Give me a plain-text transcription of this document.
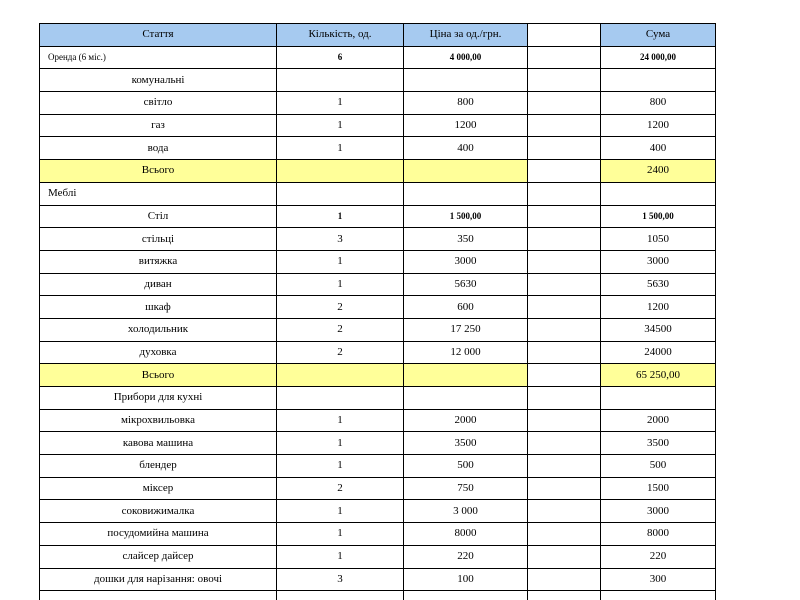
Стаття	Кількість, од.	Ціна за од./грн.		Сума
Оренда (6 міс.)	6	4 000,00		24 000,00
комунальні				
світло	1	800		800
газ	1	1200		1200
вода	1	400		400
Всього				2400
Меблі				
Стіл	1	1 500,00		1 500,00
стільці	3	350		1050
витяжка	1	3000		3000
диван	1	5630		5630
шкаф	2	600		1200
холодильник	2	17 250		34500
духовка	2	12 000		24000
Всього				65 250,00
Прибори для кухні				
мікрохвильовка	1	2000		2000
кавова машина	1	3500		3500
блендер	1	500		500
міксер	2	750		1500
соковижималка	1	3 000		3000
посудомийна машина	1	8000		8000
слайсер дайсер	1	220		220
дошки для нарізання: овочі	3	100		300
